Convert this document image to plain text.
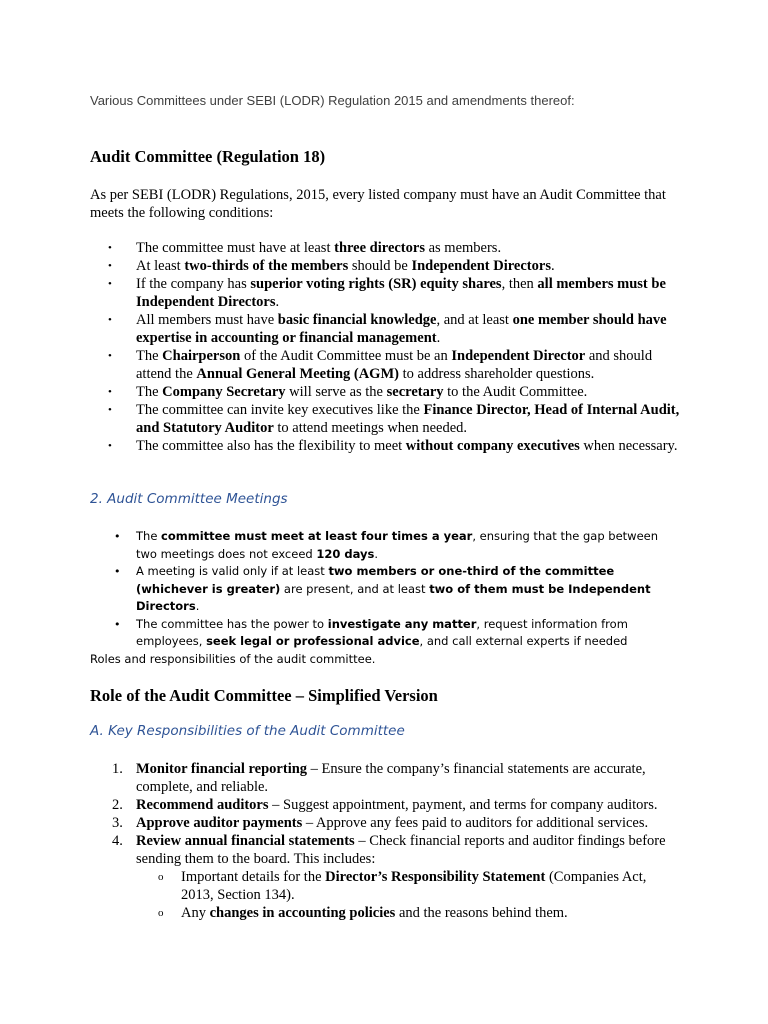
Various Committees under SEBI (LODR) Regulation 2015 and amendments thereof:
Audit Committee (Regulation 18)
As per SEBI (LODR) Regulations, 2015, every listed company must have an Audit Committee that meets the following conditions:
• The committee must have at least three directors as members.
• At least two-thirds of the members should be Independent Directors.
• If the company has superior voting rights (SR) equity shares, then all members must be Independent Directors.
• All members must have basic financial knowledge, and at least one member should have expertise in accounting or financial management.
• The Chairperson of the Audit Committee must be an Independent Director and should attend the Annual General Meeting (AGM) to address shareholder questions.
• The Company Secretary will serve as the secretary to the Audit Committee.
• The committee can invite key executives like the Finance Director, Head of Internal Audit, and Statutory Auditor to attend meetings when needed.
• The committee also has the flexibility to meet without company executives when necessary.
2. Audit Committee Meetings
• The committee must meet at least four times a year, ensuring that the gap between two meetings does not exceed 120 days.
• A meeting is valid only if at least two members or one-third of the committee (whichever is greater) are present, and at least two of them must be Independent Directors.
• The committee has the power to investigate any matter, request information from employees, seek legal or professional advice, and call external experts if needed
Roles and responsibilities of the audit committee.
Role of the Audit Committee – Simplified Version
A. Key Responsibilities of the Audit Committee
1. Monitor financial reporting – Ensure the company’s financial statements are accurate, complete, and reliable.
2. Recommend auditors – Suggest appointment, payment, and terms for company auditors.
3. Approve auditor payments – Approve any fees paid to auditors for additional services.
4. Review annual financial statements – Check financial reports and auditor findings before sending them to the board. This includes:
o Important details for the Director’s Responsibility Statement (Companies Act, 2013, Section 134).
o Any changes in accounting policies and the reasons behind them.
